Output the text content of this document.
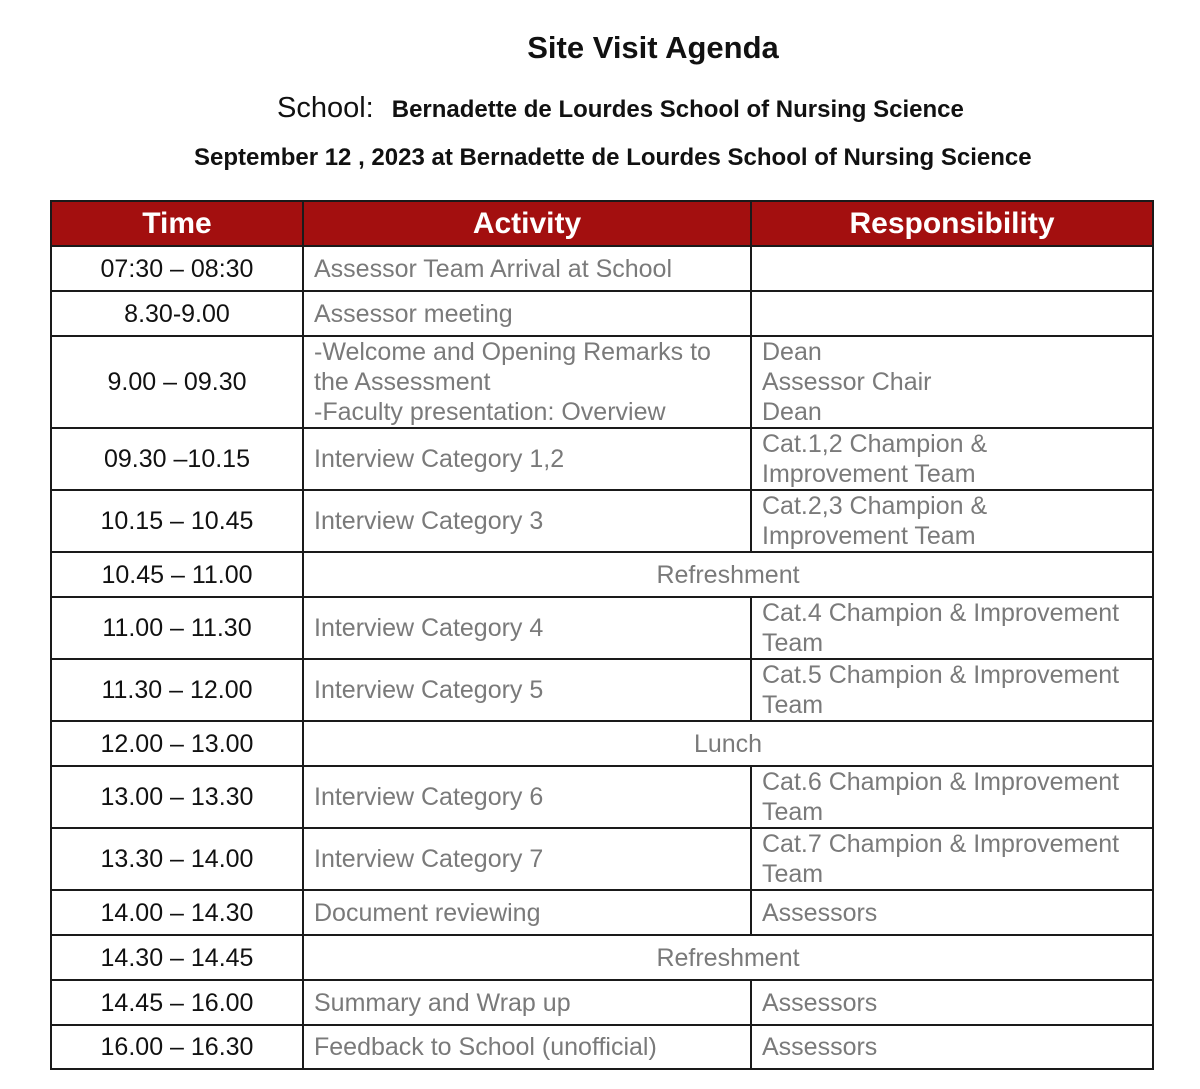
Site Visit Agenda
School: Bernadette de Lourdes School of Nursing Science
September 12 , 2023 at Bernadette de Lourdes School of Nursing Science
Time	Activity	Responsibility
07:30 – 08:30	Assessor Team Arrival at School	

8.30-9.00	Assessor meeting	

9.00 – 09.30	-Welcome and Opening Remarks to
the Assessment
-Faculty presentation: Overview	Dean
Assessor Chair
Dean

09.30 –10.15	Interview Category 1,2	Cat.1,2 Champion &
Improvement Team

10.15 – 10.45	Interview Category 3	Cat.2,3 Champion &
Improvement Team

10.45 – 11.00	Refreshment	
11.00 – 11.30	Interview Category 4	Cat.4 Champion & Improvement
Team

11.30 – 12.00	Interview Category 5	Cat.5 Champion & Improvement
Team

12.00 – 13.00	Lunch	
13.00 – 13.30	Interview Category 6	Cat.6 Champion & Improvement
Team

13.30 – 14.00	Interview Category 7	Cat.7 Champion & Improvement
Team

14.00 – 14.30	Document reviewing	Assessors

14.30 – 14.45	Refreshment	
14.45 – 16.00	Summary and Wrap up	Assessors

16.00 – 16.30	Feedback to School (unofficial)	Assessors
